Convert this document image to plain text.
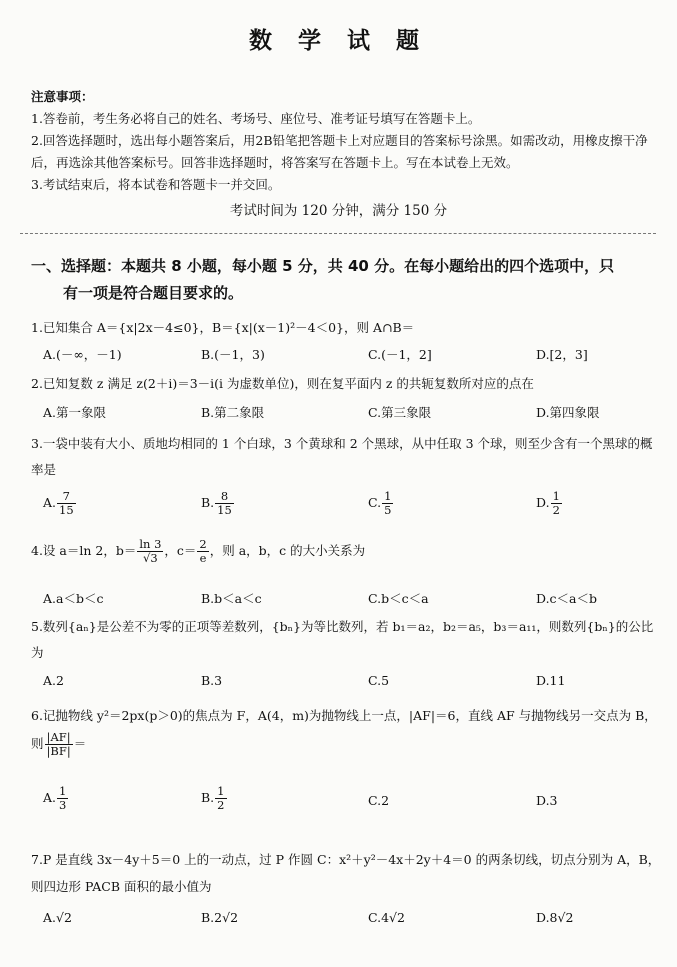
数 学 试 题

注意事项：

1.答卷前，考生务必将自己的姓名、考场号、座位号、准考证号填写在答题卡上。

2.回答选择题时，选出每小题答案后，用2B铅笔把答题卡上对应题目的答案标号涂黑。如需改动，用橡皮擦干净后，再选涂其他答案标号。回答非选择题时，将答案写在答题卡上。写在本试卷上无效。

3.考试结束后，将本试卷和答题卡一并交回。

考试时间为 120 分钟，满分 150 分
一、选择题：本题共 8 小题，每小题 5 分，共 40 分。在每小题给出的四个选项中，只
有一项是符合题目要求的。

1.已知集合 A＝{x|2x－4≤0}，B＝{x|(x－1)²－4＜0}，则 A∩B＝

A.(－∞，－1)	B.(－1，3)	C.(－1，2]	D.[2，3]

2.已知复数 z 满足 z(2＋i)＝3－i(i 为虚数单位)，则在复平面内 z 的共轭复数所对应的点在

A.第一象限	B.第二象限	C.第三象限	D.第四象限

3.一袋中装有大小、质地均相同的 1 个白球，3 个黄球和 2 个黑球，从中任取 3 个球，则至少含有一个黑球的概率是

A. $\frac{7}{15}$	B. $\frac{8}{15}$	C. $\frac{1}{5}$	D. $\frac{1}{2}$
4.设 a＝ln 2，$b= \frac{\ln 3}{√3}$ ，$c= \frac{2}{e}$ ，则 a，b，c 的大小关系为
A.a＜b＜c	B.b＜a＜c	C.b＜c＜a	D.c＜a＜b

5.数列{aₙ}是公差不为零的正项等差数列，{bₙ}为等比数列，若 b₁＝a₂，b₂＝a₅，b₃＝a₁₁，则数列{bₙ}的公比为

A.2	B.3	C.5	D.11
6.记抛物线 y²＝2px(p＞0)的焦点为 F，A(4，m)为抛物线上一点，|AF|＝6，直线 AF 与抛物线另一交点为 B，则 $\frac{|AF|}{|BF|}$ ＝
A. $\frac{1}{3}$	B. $\frac{1}{2}$	C.2	D.3

7.P 是直线 3x－4y＋5＝0 上的一动点，过 P 作圆 C：x²＋y²－4x＋2y＋4＝0 的两条切线，切点分别为 A，B，则四边形 PACB 面积的最小值为

A.√2	B.2√2	C.4√2	D.8√2
